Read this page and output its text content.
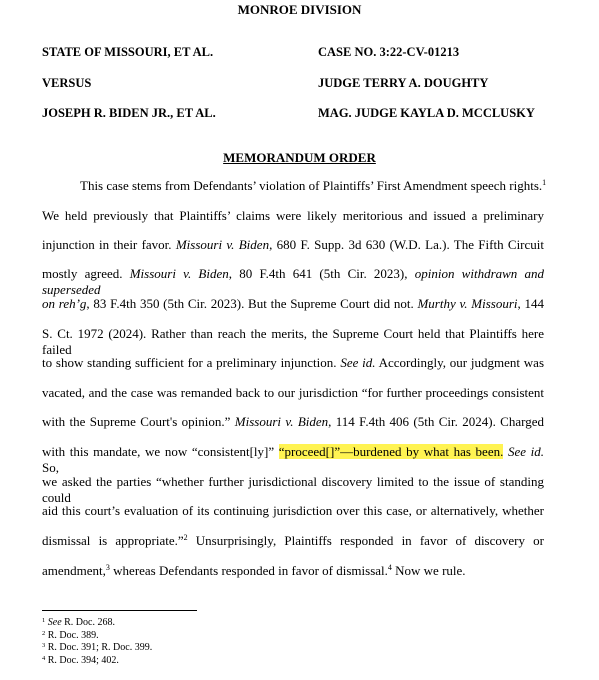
MONROE DIVISION
STATE OF MISSOURI, ET AL.
VERSUS
JOSEPH R. BIDEN JR., ET AL.
CASE NO. 3:22-CV-01213
JUDGE TERRY A. DOUGHTY
MAG. JUDGE KAYLA D. MCCLUSKY
MEMORANDUM ORDER
This case stems from Defendants’ violation of Plaintiffs’ First Amendment speech rights.$^1$
We held previously that Plaintiffs’ claims were likely meritorious and issued a preliminary
injunction in their favor. Missouri v. Biden, 680 F. Supp. 3d 630 (W.D. La.). The Fifth Circuit
mostly agreed. Missouri v. Biden, 80 F.4th 641 (5th Cir. 2023), opinion withdrawn and superseded
on reh’g, 83 F.4th 350 (5th Cir. 2023). But the Supreme Court did not. Murthy v. Missouri, 144
S. Ct. 1972 (2024). Rather than reach the merits, the Supreme Court held that Plaintiffs here failed
to show standing sufficient for a preliminary injunction. See id. Accordingly, our judgment was
vacated, and the case was remanded back to our jurisdiction “for further proceedings consistent
with the Supreme Court's opinion.” Missouri v. Biden, 114 F.4th 406 (5th Cir. 2024). Charged
with this mandate, we now “consistent[ly]” “proceed[]”—burdened by what has been. See id. So,
we asked the parties “whether further jurisdictional discovery limited to the issue of standing could
aid this court’s evaluation of its continuing jurisdiction over this case, or alternatively, whether
dismissal is appropriate.”$^2$ Unsurprisingly, Plaintiffs responded in favor of discovery or
amendment,$^3$ whereas Defendants responded in favor of dismissal.$^4$ Now we rule.
$^1$ See R. Doc. 268.
$^2$ R. Doc. 389.
$^3$ R. Doc. 391; R. Doc. 399.
$^4$ R. Doc. 394; 402.
